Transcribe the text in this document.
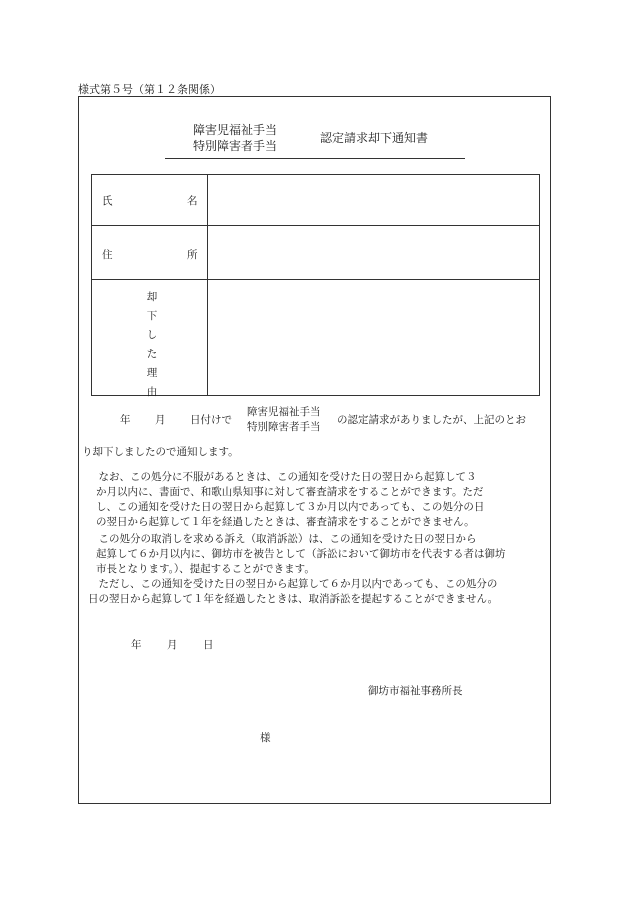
様式第５号（第１２条関係）
障害児福祉手当
特別障害者手当
認定請求却下通知書
氏	名
住	所
却
下
し
た
理
由
年 月 日付けで
障害児福祉手当
特別障害者手当
の認定請求がありましたが、上記のとお
り却下しましたので通知します。
　なお、この処分に不服があるときは、この通知を受けた日の翌日から起算して３
か月以内に、書面で、和歌山県知事に対して審査請求をすることができます。ただ
し、この通知を受けた日の翌日から起算して３か月以内であっても、この処分の日
の翌日から起算して１年を経過したときは、審査請求をすることができません。
　この処分の取消しを求める訴え（取消訴訟）は、この通知を受けた日の翌日から
起算して６か月以内に、御坊市を被告として（訴訟において御坊市を代表する者は御坊
市長となります。）、提起することができます。
　ただし、この通知を受けた日の翌日から起算して６か月以内であっても、この処分の
日の翌日から起算して１年を経過したときは、取消訴訟を提起することができません。
年 月 日
御坊市福祉事務所長
様
